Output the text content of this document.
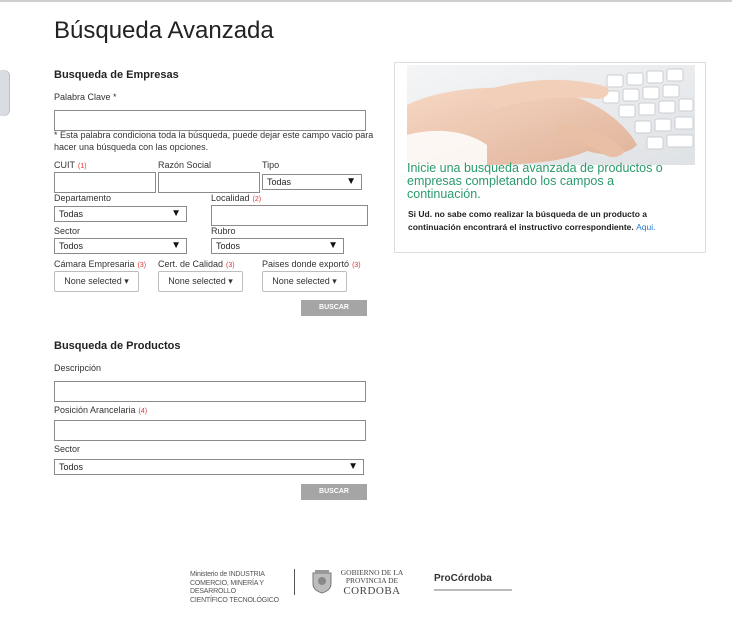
Búsqueda Avanzada
Busqueda de Empresas
Palabra Clave *
* Esta palabra condiciona toda la búsqueda, puede dejar este campo vacio para hacer una búsqueda con las opciones.
CUIT (1)	Razón Social	Tipo
Todas	▼
Departamento
Todas	▼
Localidad (2)
Sector
Todos	▼
Rubro
Todos	▼
Cámara Empresaria (3)
None selected ▾
Cert. de Calidad (3)
None selected ▾
Paises donde exportó (3)
None selected ▾
BUSCAR
Busqueda de Productos
Descripción
Posición Arancelaria (4)
Sector
Todos	▼
BUSCAR
Inicie una busqueda avanzada de productos o empresas completando los campos a continuación.
Si Ud. no sabe como realizar la búsqueda de un producto a continuación encontrará el instructivo correspondiente. Aqui.
Ministerio de INDUSTRIA
COMERCIO, MINERÍA Y DESARROLLO
CIENTÍFICO TECNOLÓGICO
GOBIERNO DE LA
PROVINCIA DE
CORDOBA
ProCórdoba
